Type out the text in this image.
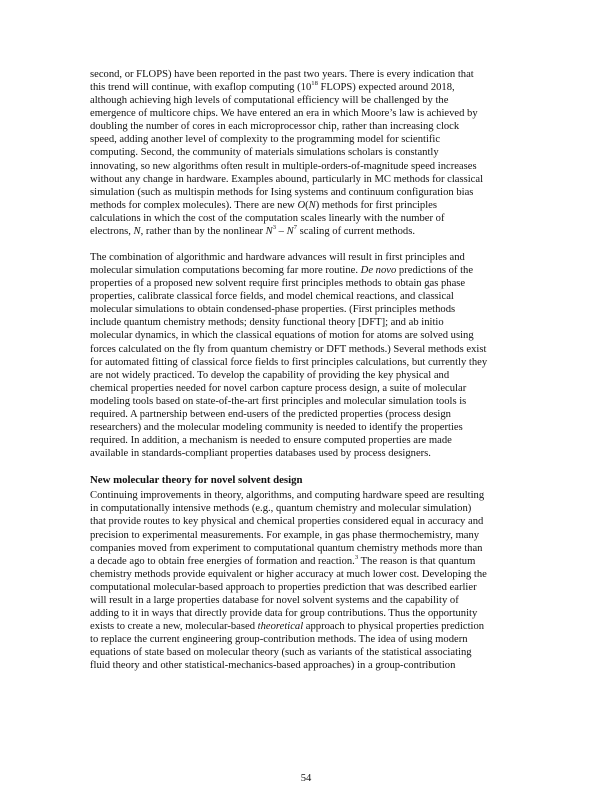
second, or FLOPS) have been reported in the past two years. There is every indication that
this trend will continue, with exaflop computing ($10^{18}$ FLOPS) expected around 2018,
although achieving high levels of computational efficiency will be challenged by the
emergence of multicore chips. We have entered an era in which Moore’s law is achieved by
doubling the number of cores in each microprocessor chip, rather than increasing clock
speed, adding another level of complexity to the programming model for scientific
computing. Second, the community of materials simulations scholars is constantly
innovating, so new algorithms often result in multiple-orders-of-magnitude speed increases
without any change in hardware. Examples abound, particularly in MC methods for classical
simulation (such as multispin methods for Ising systems and continuum configuration bias
methods for complex molecules). There are new O(N) methods for first principles
calculations in which the cost of the computation scales linearly with the number of
electrons, N, rather than by the nonlinear $N^3 - N^7$ scaling of current methods.

The combination of algorithmic and hardware advances will result in first principles and
molecular simulation computations becoming far more routine. De novo predictions of the
properties of a proposed new solvent require first principles methods to obtain gas phase
properties, calibrate classical force fields, and model chemical reactions, and classical
molecular simulations to obtain condensed-phase properties. (First principles methods
include quantum chemistry methods; density functional theory [DFT]; and ab initio
molecular dynamics, in which the classical equations of motion for atoms are solved using
forces calculated on the fly from quantum chemistry or DFT methods.) Several methods exist
for automated fitting of classical force fields to first principles calculations, but currently they
are not widely practiced. To develop the capability of providing the key physical and
chemical properties needed for novel carbon capture process design, a suite of molecular
modeling tools based on state-of-the-art first principles and molecular simulation tools is
required. A partnership between end-users of the predicted properties (process design
researchers) and the molecular modeling community is needed to identify the properties
required. In addition, a mechanism is needed to ensure computed properties are made
available in standards-compliant properties databases used by process designers.

New molecular theory for novel solvent design

Continuing improvements in theory, algorithms, and computing hardware speed are resulting
in computationally intensive methods (e.g., quantum chemistry and molecular simulation)
that provide routes to key physical and chemical properties considered equal in accuracy and
precision to experimental measurements. For example, in gas phase thermochemistry, many
companies moved from experiment to computational quantum chemistry methods more than
a decade ago to obtain free energies of formation and reaction.$^3$ The reason is that quantum
chemistry methods provide equivalent or higher accuracy at much lower cost. Developing the
computational molecular-based approach to properties prediction that was described earlier
will result in a large properties database for novel solvent systems and the capability of
adding to it in ways that directly provide data for group contributions. Thus the opportunity
exists to create a new, molecular-based theoretical approach to physical properties prediction
to replace the current engineering group-contribution methods. The idea of using modern
equations of state based on molecular theory (such as variants of the statistical associating
fluid theory and other statistical-mechanics-based approaches) in a group-contribution

54
